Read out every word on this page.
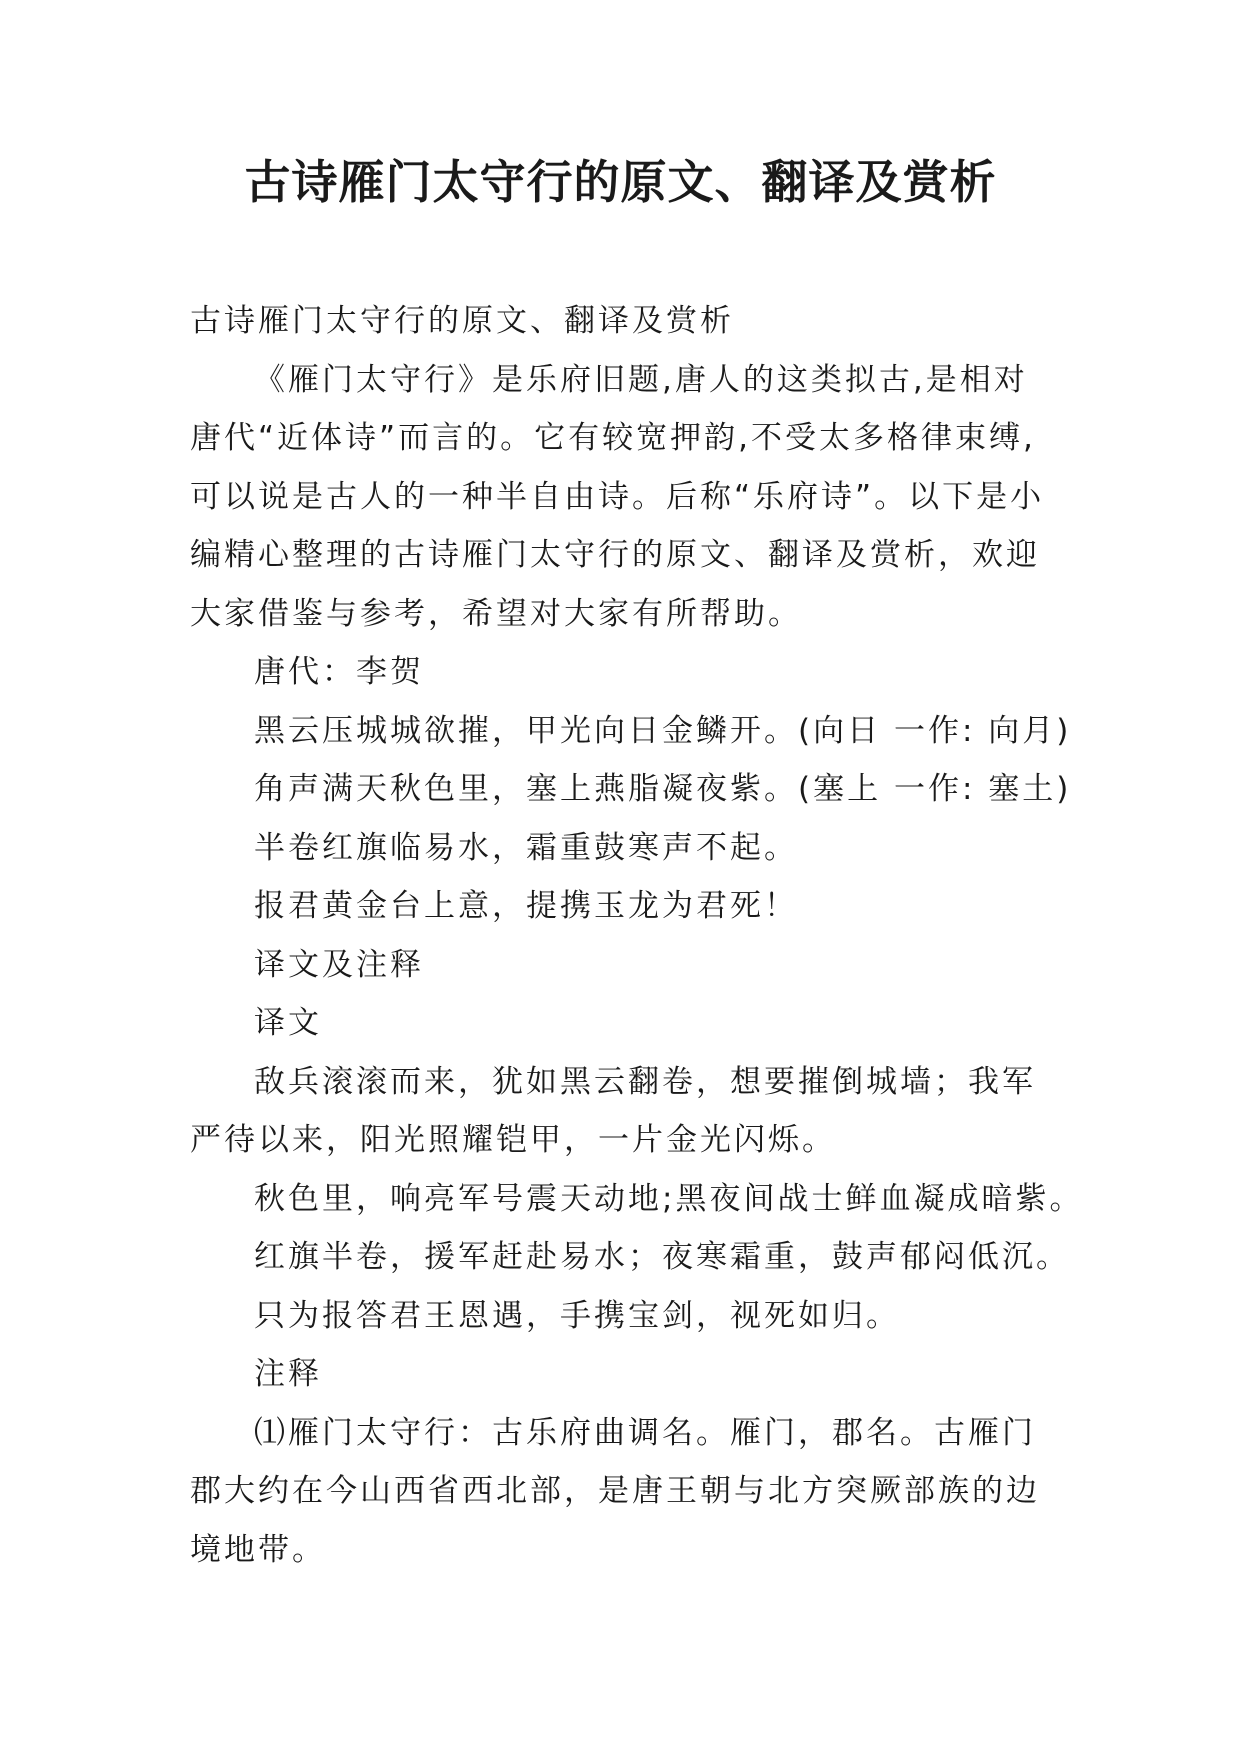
古诗雁门太守行的原文、翻译及赏析

古诗雁门太守行的原文、翻译及赏析

《雁门太守行》是乐府旧题,唐人的这类拟古,是相对唐代“近体诗”而言的。它有较宽押韵,不受太多格律束缚,可以说是古人的一种半自由诗。后称“乐府诗”。以下是小编精心整理的古诗雁门太守行的原文、翻译及赏析，欢迎大家借鉴与参考，希望对大家有所帮助。

唐代：李贺

黑云压城城欲摧，甲光向日金鳞开。(向日 一作: 向月)

角声满天秋色里，塞上燕脂凝夜紫。(塞上 一作: 塞土)

半卷红旗临易水，霜重鼓寒声不起。

报君黄金台上意，提携玉龙为君死！

译文及注释

译文

敌兵滚滚而来，犹如黑云翻卷，想要摧倒城墙；我军严待以来，阳光照耀铠甲，一片金光闪烁。

秋色里，响亮军号震天动地;黑夜间战士鲜血凝成暗紫。

红旗半卷，援军赶赴易水；夜寒霜重，鼓声郁闷低沉。

只为报答君王恩遇，手携宝剑，视死如归。

注释

⑴雁门太守行：古乐府曲调名。雁门，郡名。古雁门郡大约在今山西省西北部，是唐王朝与北方突厥部族的边境地带。
